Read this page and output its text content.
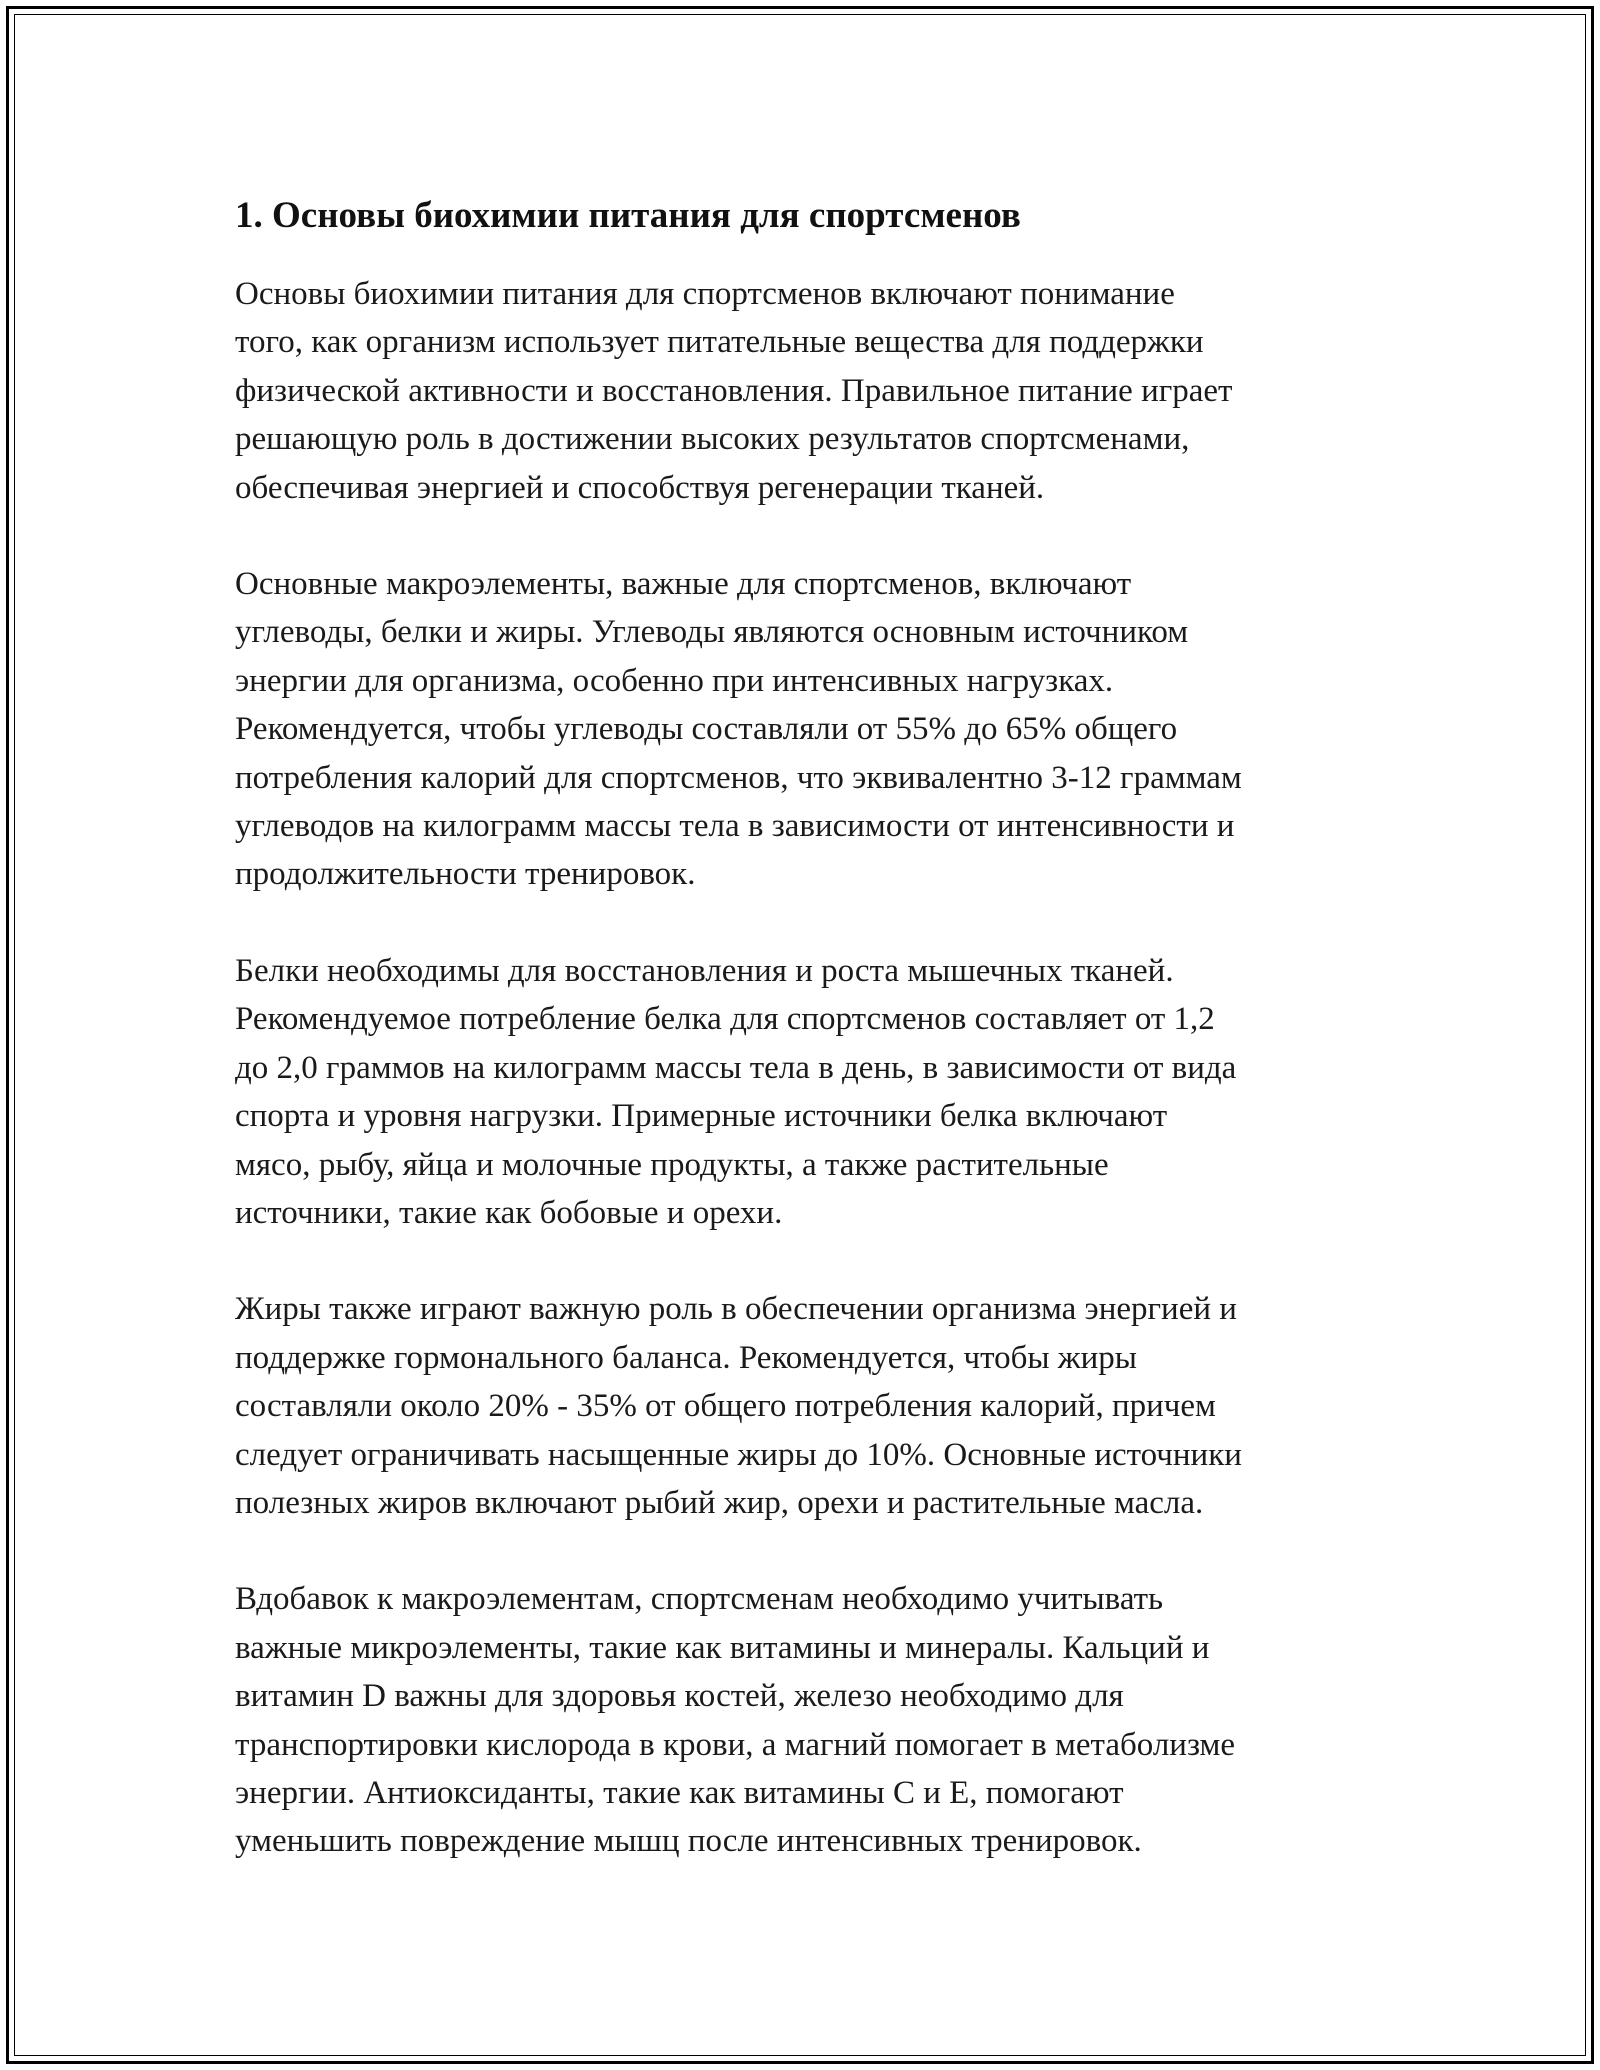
1. Основы биохимии питания для спортсменов

Основы биохимии питания для спортсменов включают понимание
того, как организм использует питательные вещества для поддержки
физической активности и восстановления. Правильное питание играет
решающую роль в достижении высоких результатов спортсменами,
обеспечивая энергией и способствуя регенерации тканей.

Основные макроэлементы, важные для спортсменов, включают
углеводы, белки и жиры. Углеводы являются основным источником
энергии для организма, особенно при интенсивных нагрузках.
Рекомендуется, чтобы углеводы составляли от 55% до 65% общего
потребления калорий для спортсменов, что эквивалентно 3-12 граммам
углеводов на килограмм массы тела в зависимости от интенсивности и
продолжительности тренировок.

Белки необходимы для восстановления и роста мышечных тканей.
Рекомендуемое потребление белка для спортсменов составляет от 1,2
до 2,0 граммов на килограмм массы тела в день, в зависимости от вида
спорта и уровня нагрузки. Примерные источники белка включают
мясо, рыбу, яйца и молочные продукты, а также растительные
источники, такие как бобовые и орехи.

Жиры также играют важную роль в обеспечении организма энергией и
поддержке гормонального баланса. Рекомендуется, чтобы жиры
составляли около 20% - 35% от общего потребления калорий, причем
следует ограничивать насыщенные жиры до 10%. Основные источники
полезных жиров включают рыбий жир, орехи и растительные масла.

Вдобавок к макроэлементам, спортсменам необходимо учитывать
важные микроэлементы, такие как витамины и минералы. Кальций и
витамин D важны для здоровья костей, железо необходимо для
транспортировки кислорода в крови, а магний помогает в метаболизме
энергии. Антиоксиданты, такие как витамины C и E, помогают
уменьшить повреждение мышц после интенсивных тренировок.
